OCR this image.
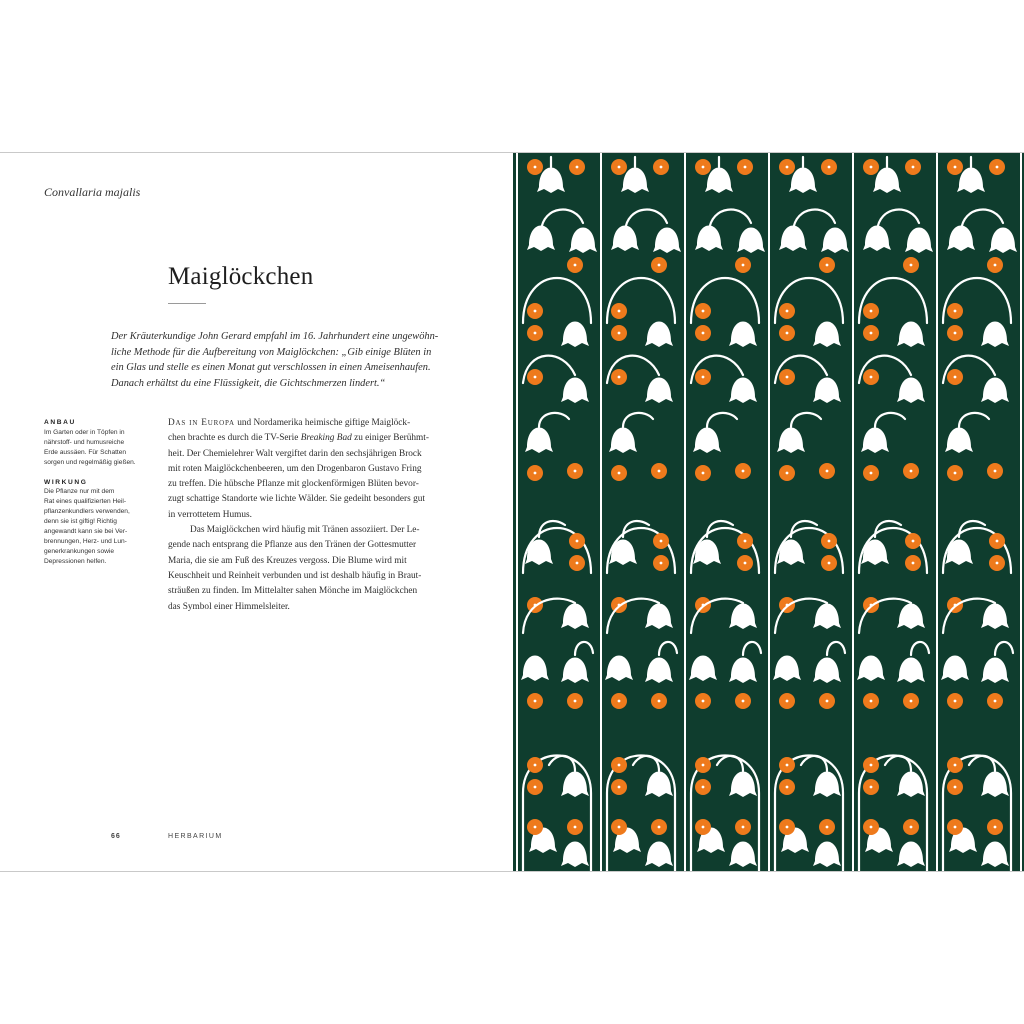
Convallaria majalis
Maiglöckchen

Der Kräuterkundige John Gerard empfahl im 16. Jahrhundert eine ungewöhn-

liche Methode für die Aufbereitung von Maiglöckchen: „Gib einige Blüten in

ein Glas und stelle es einen Monat gut verschlossen in einen Ameisenhaufen.

Danach erhältst du eine Flüssigkeit, die Gichtschmerzen lindert.“

ANBAU

Im Garten oder in Töpfen in
nährstoff- und humusreiche
Erde aussäen. Für Schatten
sorgen und regelmäßig gießen.

WIRKUNG

Die Pflanze nur mit dem
Rat eines qualifizierten Heil-
pflanzenkundlers verwenden,
denn sie ist giftig! Richtig
angewandt kann sie bei Ver-
brennungen, Herz- und Lun-
generkrankungen sowie
Depressionen helfen.

Das in Europa und Nordamerika heimische giftige Maiglöck-

chen brachte es durch die TV-Serie Breaking Bad zu einiger Berühmt-

heit. Der Chemielehrer Walt vergiftet darin den sechsjährigen Brock

mit roten Maiglöckchenbeeren, um den Drogenbaron Gustavo Fring

zu treffen. Die hübsche Pflanze mit glockenförmigen Blüten bevor-

zugt schattige Standorte wie lichte Wälder. Sie gedeiht besonders gut

in verrottetem Humus.

Das Maiglöckchen wird häufig mit Tränen assoziiert. Der Le-

gende nach entsprang die Pflanze aus den Tränen der Gottesmutter

Maria, die sie am Fuß des Kreuzes vergoss. Die Blume wird mit

Keuschheit und Reinheit verbunden und ist deshalb häufig in Braut-

sträußen zu finden. Im Mittelalter sahen Mönche im Maiglöckchen

das Symbol einer Himmelsleiter.

66	HERBARIUM
